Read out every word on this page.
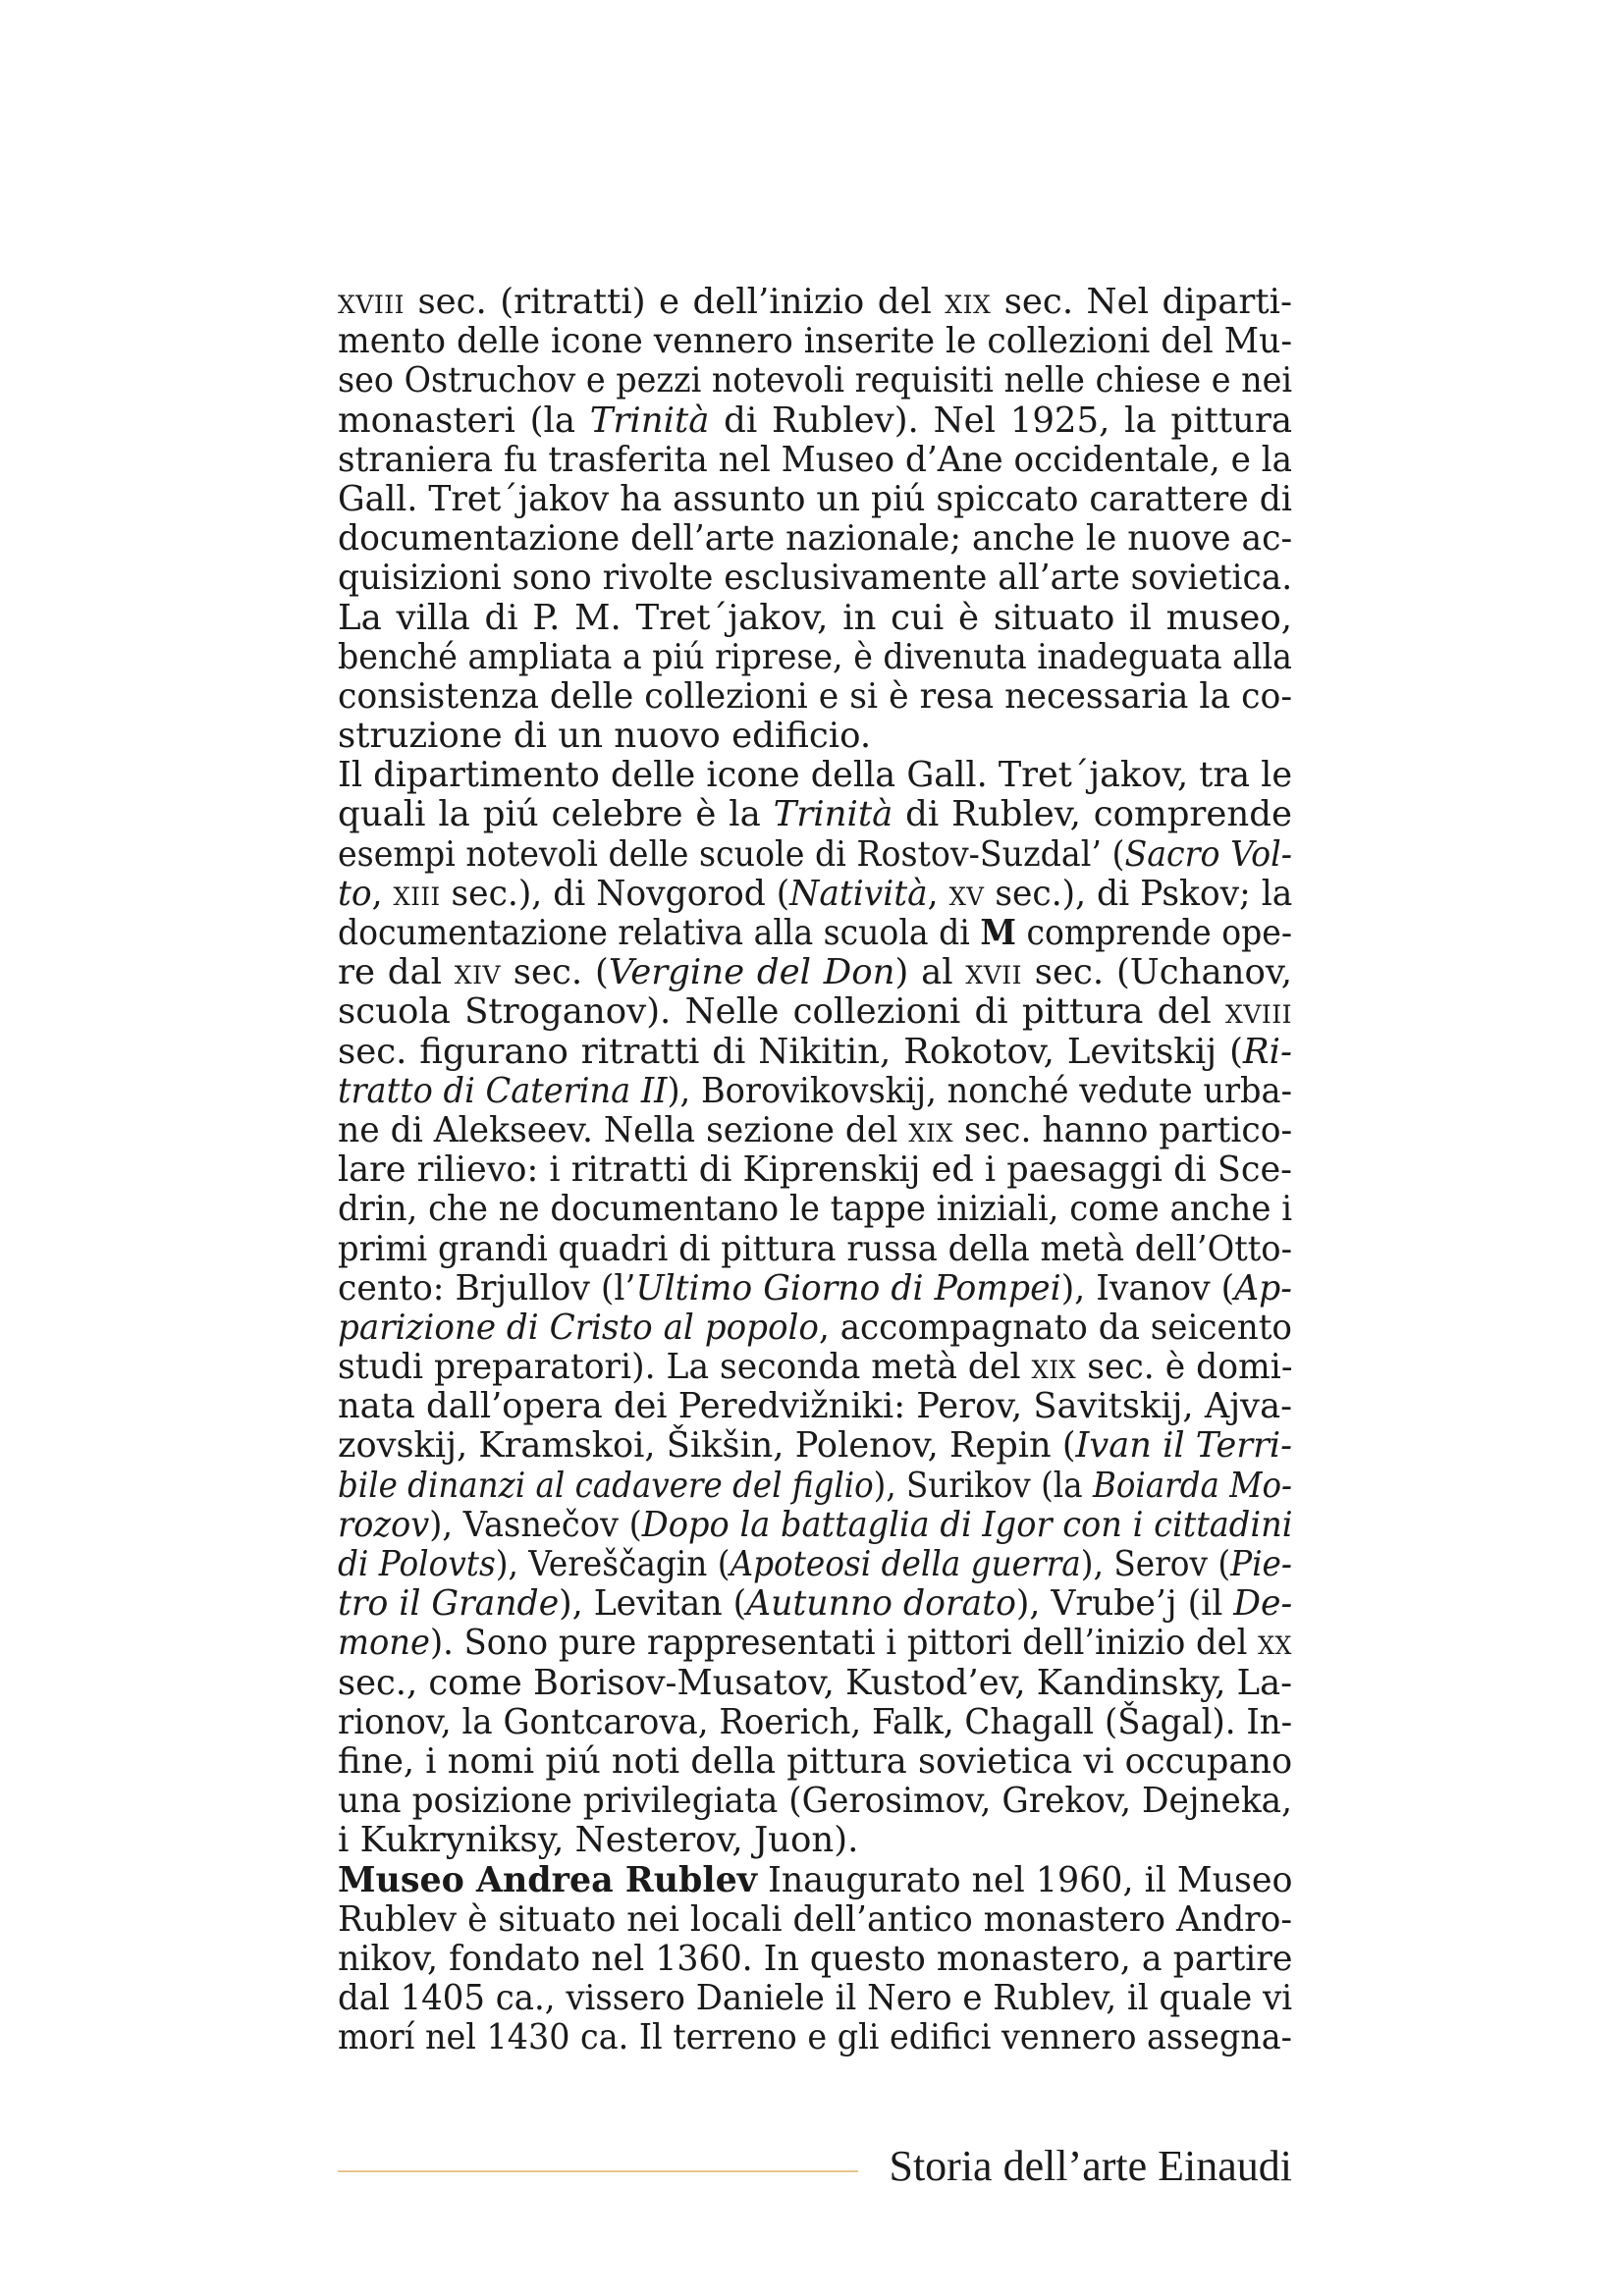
xviii sec. (ritratti) e dell’inizio del xix sec. Nel diparti-
mento delle icone vennero inserite le collezioni del Mu-
seo Ostruchov e pezzi notevoli requisiti nelle chiese e nei
monasteri (la Trinità di Rublev). Nel 1925, la pittura
straniera fu trasferita nel Museo d’Ane occidentale, e la
Gall. Tret´jakov ha assunto un piú spiccato carattere di
documentazione dell’arte nazionale; anche le nuove ac-
quisizioni sono rivolte esclusivamente all’arte sovietica.
La villa di P. M. Tret´jakov, in cui è situato il museo,
benché ampliata a piú riprese, è divenuta inadeguata alla
consistenza delle collezioni e si è resa necessaria la co-
struzione di un nuovo edificio.
Il dipartimento delle icone della Gall. Tret´jakov, tra le
quali la piú celebre è la Trinità di Rublev, comprende
esempi notevoli delle scuole di Rostov-Suzdal’ (Sacro Vol-
to, xiii sec.), di Novgorod (Natività, xv sec.), di Pskov; la
documentazione relativa alla scuola di M comprende ope-
re dal xiv sec. (Vergine del Don) al xvii sec. (Uchanov,
scuola Stroganov). Nelle collezioni di pittura del xviii
sec. figurano ritratti di Nikitin, Rokotov, Levitskij (Ri-
tratto di Caterina II), Borovikovskij, nonché vedute urba-
ne di Alekseev. Nella sezione del xix sec. hanno partico-
lare rilievo: i ritratti di Kiprenskij ed i paesaggi di Sce-
drin, che ne documentano le tappe iniziali, come anche i
primi grandi quadri di pittura russa della metà dell’Otto-
cento: Brjullov (l’Ultimo Giorno di Pompei), Ivanov (Ap-
parizione di Cristo al popolo, accompagnato da seicento
studi preparatori). La seconda metà del xix sec. è domi-
nata dall’opera dei Peredvižniki: Perov, Savitskij, Ajva-
zovskij, Kramskoi, Šikšin, Polenov, Repin (Ivan il Terri-
bile dinanzi al cadavere del figlio), Surikov (la Boiarda Mo-
rozov), Vasnečov (Dopo la battaglia di Igor con i cittadini
di Polovts), Vereščagin (Apoteosi della guerra), Serov (Pie-
tro il Grande), Levitan (Autunno dorato), Vrube’j (il De-
mone). Sono pure rappresentati i pittori dell’inizio del xx
sec., come Borisov-Musatov, Kustod’ev, Kandinsky, La-
rionov, la Gontcarova, Roerich, Falk, Chagall (Šagal). In-
fine, i nomi piú noti della pittura sovietica vi occupano
una posizione privilegiata (Gerosimov, Grekov, Dejneka,
i Kukryniksy, Nesterov, Juon).
Museo Andrea Rublev Inaugurato nel 1960, il Museo
Rublev è situato nei locali dell’antico monastero Andro-
nikov, fondato nel 1360. In questo monastero, a partire
dal 1405 ca., vissero Daniele il Nero e Rublev, il quale vi
morí nel 1430 ca. Il terreno e gli edifici vennero assegna-
Storia dell’arte Einaudi
